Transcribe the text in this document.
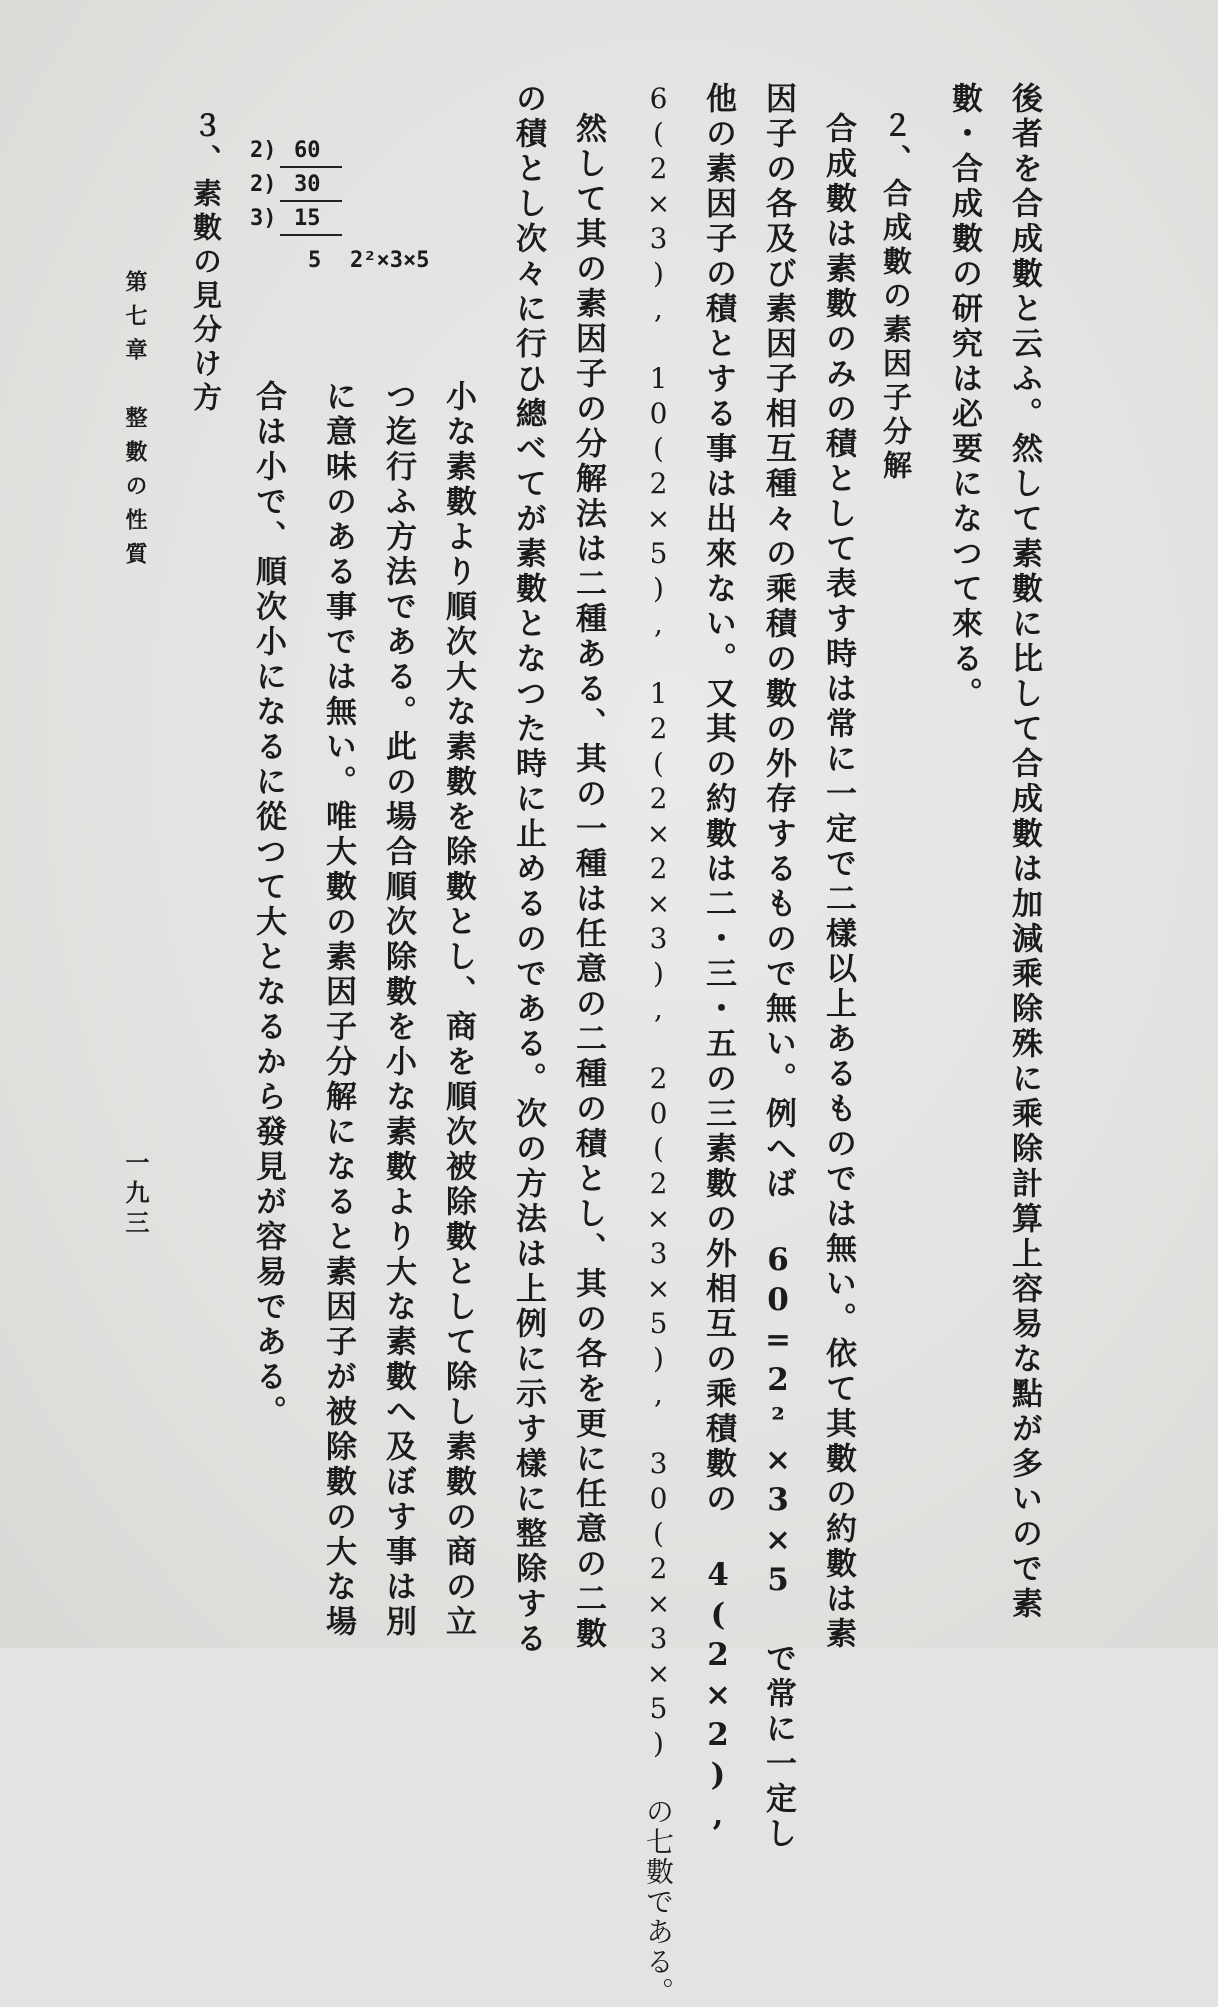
後者を合成數と云ふ。然して素數に比して合成數は加減乘除殊に乘除計算上容易な點が多いので素
數・合成數の研究は必要になつて來る。
２、合成數の素因子分解
合成數は素數のみの積として表す時は常に一定で二樣以上あるものでは無い。依て其數の約數は素
因子の各及び素因子相互種々の乘積の數の外存するもので無い。例へば 60=2²×3×5 で常に一定し
他の素因子の積とする事は出來ない。又其の約數は二・三・五の三素數の外相互の乘積數の 4(2×2),
6(2×3), 10(2×5), 12(2×2×3), 20(2×3×5), 30(2×3×5) の七數である。
然して其の素因子の分解法は二種ある、其の一種は任意の二種の積とし、其の各を更に任意の二數
の積とし次々に行ひ總べてが素數となつた時に止めるのである。次の方法は上例に示す樣に整除する
小な素數より順次大な素數を除數とし、商を順次被除數として除し素數の商の立
つ迄行ふ方法である。此の場合順次除數を小な素數より大な素數へ及ぼす事は別
に意味のある事では無い。唯大數の素因子分解になると素因子が被除數の大な場
合は小で、順次小になるに從つて大となるから發見が容易である。
３、素數の見分け方 2) 60
2) 30
3) 15
5 2²×3×5
第七章　整數の性質
一九三
